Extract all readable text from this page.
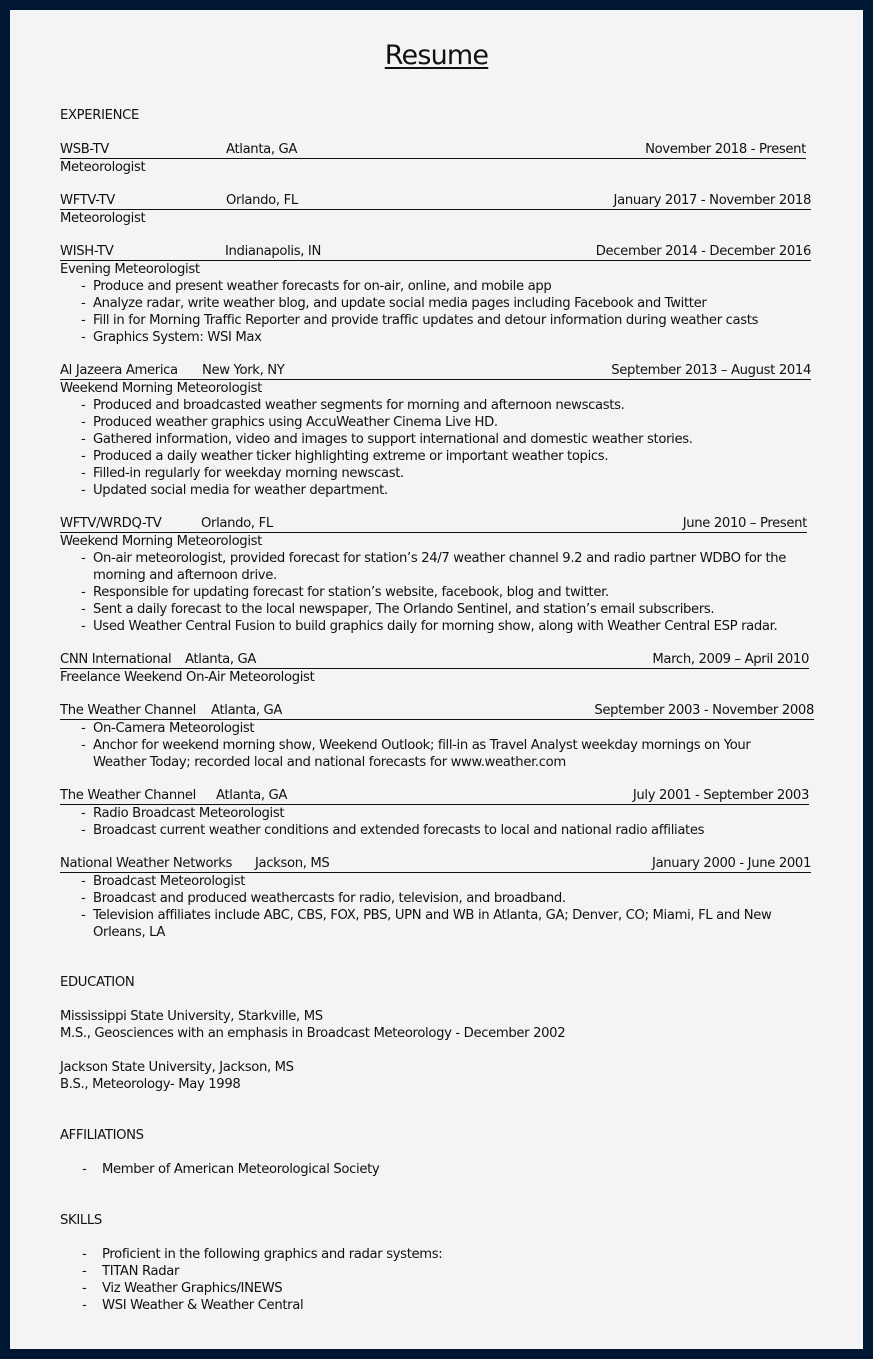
Resume
EXPERIENCE
WSB-TV	Atlanta, GA	November 2018 - Present
Meteorologist
WFTV-TV	Orlando, FL	January 2017 - November 2018
Meteorologist
WISH-TV	Indianapolis, IN	December 2014 - December 2016
Evening Meteorologist
- Produce and present weather forecasts for on-air, online, and mobile app
- Analyze radar, write weather blog, and update social media pages including Facebook and Twitter
- Fill in for Morning Traffic Reporter and provide traffic updates and detour information during weather casts
- Graphics System: WSI Max
Al Jazeera America New York, NY	September 2013 – August 2014
Weekend Morning Meteorologist
- Produced and broadcasted weather segments for morning and afternoon newscasts.
- Produced weather graphics using AccuWeather Cinema Live HD.
- Gathered information, video and images to support international and domestic weather stories.
- Produced a daily weather ticker highlighting extreme or important weather topics.
- Filled-in regularly for weekday morning newscast.
- Updated social media for weather department.
WFTV/WRDQ-TV	Orlando, FL	June 2010 – Present
Weekend Morning Meteorologist
- On-air meteorologist, provided forecast for station’s 24/7 weather channel 9.2 and radio partner WDBO for the morning and afternoon drive.
- Responsible for updating forecast for station’s website, facebook, blog and twitter.
- Sent a daily forecast to the local newspaper, The Orlando Sentinel, and station’s email subscribers.
- Used Weather Central Fusion to build graphics daily for morning show, along with Weather Central ESP radar.
CNN International Atlanta, GA	March, 2009 – April 2010
Freelance Weekend On-Air Meteorologist
The Weather Channel Atlanta, GA	September 2003 - November 2008
- On-Camera Meteorologist
- Anchor for weekend morning show, Weekend Outlook; fill-in as Travel Analyst weekday mornings on Your Weather Today; recorded local and national forecasts for www.weather.com
The Weather Channel Atlanta, GA	July 2001 - September 2003
- Radio Broadcast Meteorologist
- Broadcast current weather conditions and extended forecasts to local and national radio affiliates
National Weather Networks Jackson, MS	January 2000 - June 2001
- Broadcast Meteorologist
- Broadcast and produced weathercasts for radio, television, and broadband.
- Television affiliates include ABC, CBS, FOX, PBS, UPN and WB in Atlanta, GA; Denver, CO; Miami, FL and New Orleans, LA
EDUCATION
Mississippi State University, Starkville, MS
M.S., Geosciences with an emphasis in Broadcast Meteorology - December 2002
Jackson State University, Jackson, MS
B.S., Meteorology- May 1998
AFFILIATIONS
- Member of American Meteorological Society
SKILLS
- Proficient in the following graphics and radar systems:
- TITAN Radar
- Viz Weather Graphics/INEWS
- WSI Weather & Weather Central
